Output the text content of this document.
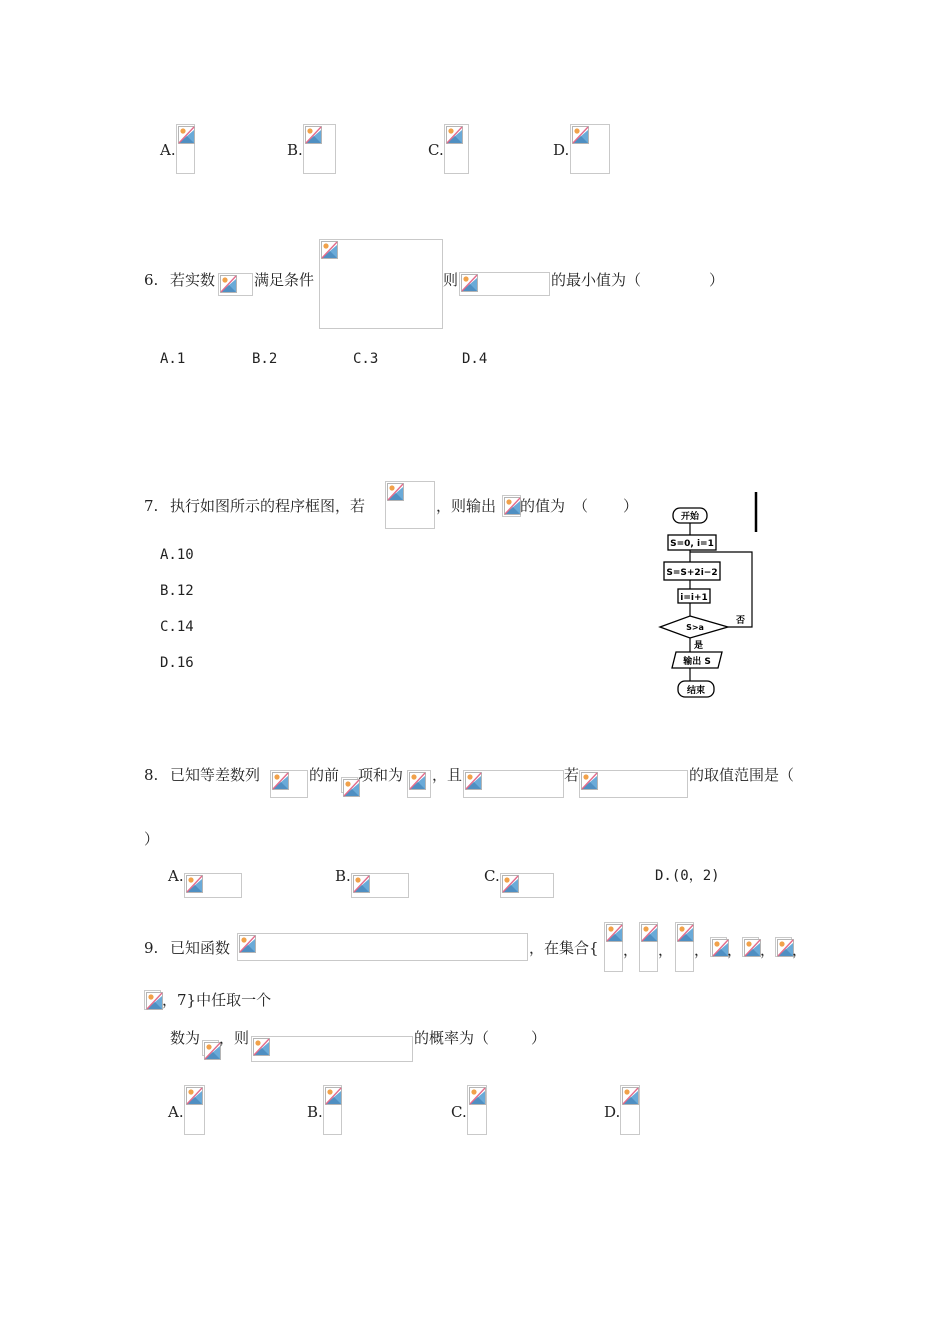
A.	B.	C.	D.
6. 若实数	满足条件	则	的最小值为（	）
A.1	B.2	C.3	D.4
7. 执行如图所示的程序框图，若	，则输出 的值为 （ ）
A.10
B.12
C.14
D.16
开始
S=0, i=1
S=S+2i−2
i=i+1
S>a
否
是
输出 S
结束
8. 已知等差数列	的前 项和为 ，且	若	的取值范围是（
）
A.	B.	C.	D.(0，2)
9. 已知函数	，在集合{ ， ， ， ， ， ，
，7}中任取一个
数为 ，则	的概率为（	）
A.	B.	C.	D.
